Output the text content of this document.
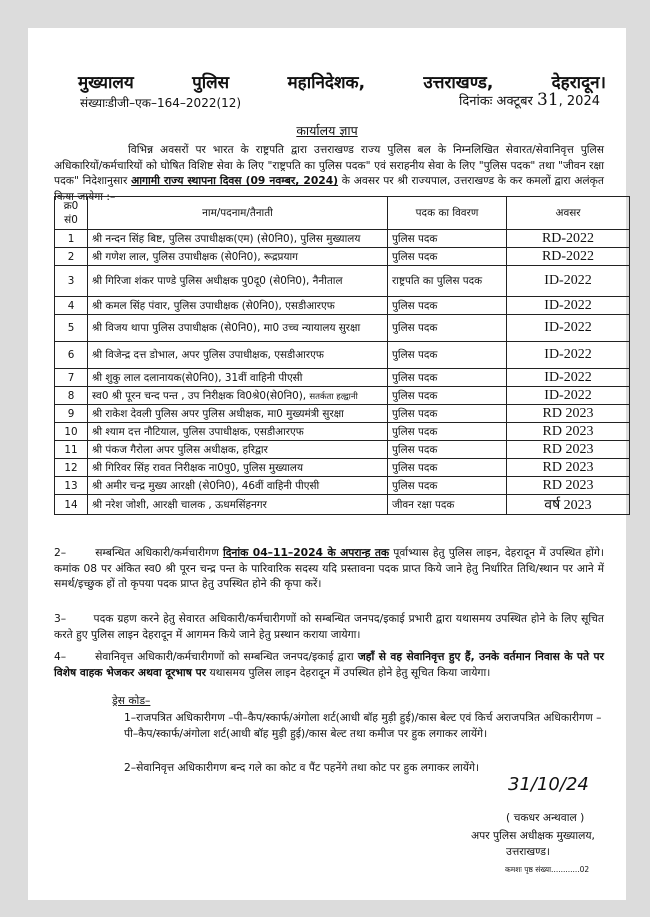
मुख्यालय	पुलिस	महानिदेशक,	उत्तराखण्ड,	देहरादून।
संख्याःडीजी–एक–164–2022(12)	दिनांकः अक्टूबर 31, 2024
कार्यालय ज्ञाप
विभिन्न अवसरों पर भारत के राष्ट्रपति द्वारा उत्तराखण्ड राज्य पुलिस बल के निम्नलिखित सेवारत/सेवानिवृत्त पुलिस अधिकारियों/कर्मचारियों को घोषित विशिष्ट सेवा के लिए "राष्ट्रपति का पुलिस पदक" एवं सराहनीय सेवा के लिए "पुलिस पदक" तथा "जीवन रक्षा पदक" निदेशानुसार आगामी राज्य स्थापना दिवस (09 नवम्बर, 2024) के अवसर पर श्री राज्यपाल, उत्तराखण्ड के कर कमलों द्वारा अलंकृत किया जायेगा :–
क्र0 सं0	नाम/पदनाम/तैनाती	पदक का विवरण	अवसर
1	श्री नन्दन सिंह बिष्ट, पुलिस उपाधीक्षक(एम) (से0नि0), पुलिस मुख्यालय	पुलिस पदक	RD-2022
2	श्री गणेश लाल, पुलिस उपाधीक्षक (से0नि0), रूद्रप्रयाग	पुलिस पदक	RD-2022
3	श्री गिरिजा शंकर पाण्डे पुलिस अधीक्षक पु0दू0 (से0नि0), नैनीताल	राष्ट्रपति का पुलिस पदक	ID-2022
4	श्री कमल सिंह पंवार, पुलिस उपाधीक्षक (से0नि0), एसडीआरएफ	पुलिस पदक	ID-2022
5	श्री विजय थापा पुलिस उपाधीक्षक (से0नि0), मा0 उच्च न्यायालय सुरक्षा	पुलिस पदक	ID-2022
6	श्री विजेन्द्र दत्त डोभाल, अपर पुलिस उपाधीक्षक, एसडीआरएफ	पुलिस पदक	ID-2022
7	श्री शुकु लाल दलानायक(से0नि0), 31वीं वाहिनी पीएसी	पुलिस पदक	ID-2022
8	स्व0 श्री पूरन चन्द पन्त , उप निरीक्षक वि0श्रे0(से0नि0), सतर्कता हल्द्वानी	पुलिस पदक	ID-2022
9	श्री राकेश देवली पुलिस अपर पुलिस अधीक्षक, मा0 मुख्यमंत्री सुरक्षा	पुलिस पदक	RD 2023
10	श्री श्याम दत्त नौटियाल, पुलिस उपाधीक्षक, एसडीआरएफ	पुलिस पदक	RD 2023
11	श्री पंकज गैरोला अपर पुलिस अधीक्षक, हरिद्वार	पुलिस पदक	RD 2023
12	श्री गिरिवर सिंह रावत निरीक्षक ना0पु0, पुलिस मुख्यालय	पुलिस पदक	RD 2023
13	श्री अमीर चन्द्र मुख्य आरक्षी (से0नि0), 46वीं वाहिनी पीएसी	पुलिस पदक	RD 2023
14	श्री नरेश जोशी, आरक्षी चालक , ऊधमसिंहनगर	जीवन रक्षा पदक	वर्ष 2023
2–	सम्बन्धित अधिकारी/कर्मचारीगण दिनांक 04–11–2024 के अपरान्ह तक पूर्वाभ्यास हेतु पुलिस लाइन, देहरादून में उपस्थित होंगे। कमांक 08 पर अंकित स्व0 श्री पूरन चन्द्र पन्त के पारिवारिक सदस्य यदि प्रस्तावना पदक प्राप्त किये जाने हेतु निर्धारित तिथि/स्थान पर आने में समर्थ/इच्छुक हों तो कृपया पदक प्राप्त हेतु उपस्थित होने की कृपा करें।
3–	पदक ग्रहण करने हेतु सेवारत अधिकारी/कर्मचारीगणों को सम्बन्धित जनपद/इकाई प्रभारी द्वारा यथासमय उपस्थित होने के लिए सूचित करते हुए पुलिस लाइन देहरादून में आगमन किये जाने हेतु प्रस्थान कराया जायेगा।
4–	सेवानिवृत्त अधिकारी/कर्मचारीगणों को सम्बन्धित जनपद/इकाई द्वारा जहाँ से वह सेवानिवृत्त हुए हैं, उनके वर्तमान निवास के पते पर विशेष वाहक भेजकर अथवा दूरभाष पर यथासमय पुलिस लाइन देहरादून में उपस्थित होने हेतु सूचित किया जायेगा।
ड्रेस कोड–
1–राजपत्रित अधिकारीगण –पी–कैप/स्कार्फ/अंगोला शर्ट(आधी बॉह मुड़ी हुई)/कास बेल्ट एवं किर्च अराजपत्रित अधिकारीगण –पी–कैप/स्कार्फ/अंगोला शर्ट(आधी बॉह मुड़ी हुई)/कास बेल्ट तथा कमीज पर हुक लगाकर लायेंगे।
2–सेवानिवृत्त अधिकारीगण बन्द गले का कोट व पैंट पहनेंगे तथा कोट पर हुक लगाकर लायेंगे।
31/10/24
( चकधर अन्थवाल )
अपर पुलिस अधीक्षक मुख्यालय,
उत्तराखण्ड।
कमशः पृष्ठ संख्या............02
